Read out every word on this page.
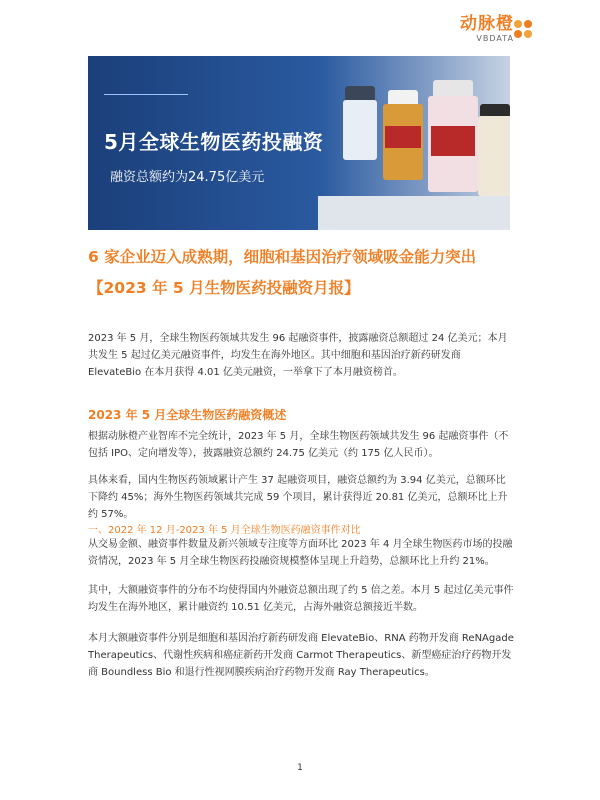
动脉橙
VBDATA
5月全球生物医药投融资
融资总额约为24.75亿美元
6 家企业迈入成熟期，细胞和基因治疗领域吸金能力突出【2023 年 5 月生物医药投融资月报】
2023 年 5 月，全球生物医药领域共发生 96 起融资事件，披露融资总额超过 24 亿美元；本月共发生 5 起过亿美元融资事件，均发生在海外地区。其中细胞和基因治疗新药研发商 ElevateBio 在本月获得 4.01 亿美元融资，一举拿下了本月融资榜首。
2023 年 5 月全球生物医药融资概述
根据动脉橙产业智库不完全统计，2023 年 5 月，全球生物医药领域共发生 96 起融资事件（不包括 IPO、定向增发等），披露融资总额约 24.75 亿美元（约 175 亿人民币）。
具体来看，国内生物医药领域累计产生 37 起融资项目，融资总额约为 3.94 亿美元，总额环比下降约 45%；海外生物医药领域共完成 59 个项目，累计获得近 20.81 亿美元，总额环比上升约 57%。
一、2022 年 12 月-2023 年 5 月全球生物医药融资事件对比
从交易金额、融资事件数量及新兴领域专注度等方面环比 2023 年 4 月全球生物医药市场的投融资情况，2023 年 5 月全球生物医药投融资规模整体呈现上升趋势，总额环比上升约 21%。
其中，大额融资事件的分布不均使得国内外融资总额出现了约 5 倍之差。本月 5 起过亿美元事件均发生在海外地区，累计融资约 10.51 亿美元，占海外融资总额接近半数。
本月大额融资事件分别是细胞和基因治疗新药研发商 ElevateBio、RNA 药物开发商 ReNAgade Therapeutics、代谢性疾病和癌症新药开发商 Carmot Therapeutics、新型癌症治疗药物开发商 Boundless Bio 和退行性视网膜疾病治疗药物开发商 Ray Therapeutics。
1
